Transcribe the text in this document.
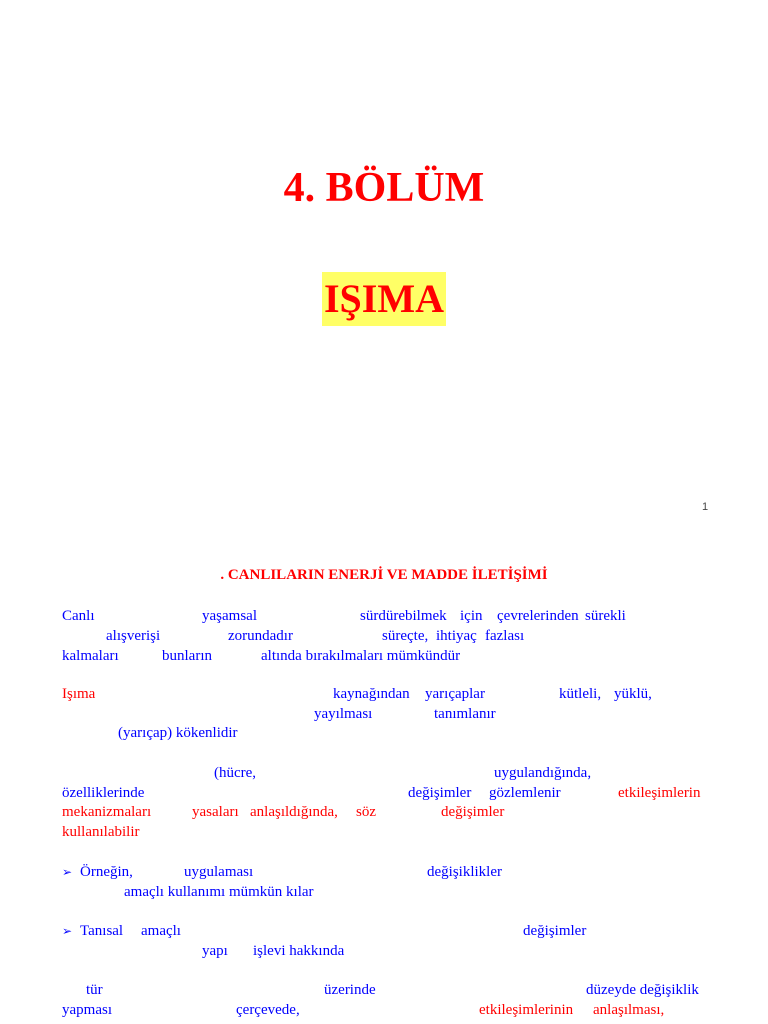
4. BÖLÜM
IŞIMA
1
. CANLILARIN ENERJİ VE MADDE İLETİŞİMİ
Canlı	yaşamsal	sürdürebilmek için çevrelerinden sürekli
alışverişi	zorundadır	süreçte, ihtiyaç fazlası
kalmaları	bunların	altında bırakılmaları mümkündür
Işıma	kaynağından yarıçaplar	kütleli, yüklü,
yayılması	tanımlanır
(yarıçap) kökenlidir
(hücre,	uygulandığında,
özelliklerinde	değişimler gözlemlenir	etkileşimlerin
mekanizmaları	yasaları anlaşıldığında, söz	değişimler
kullanılabilir
➢ Örneğin,	uygulaması	değişiklikler
amaçlı kullanımı mümkün kılar
➢ Tanısal amaçlı	değişimler
yapı işlevi hakkında
tür	üzerinde	düzeyde değişiklik
yapması	çerçevede,	etkileşimlerinin anlaşılması,
